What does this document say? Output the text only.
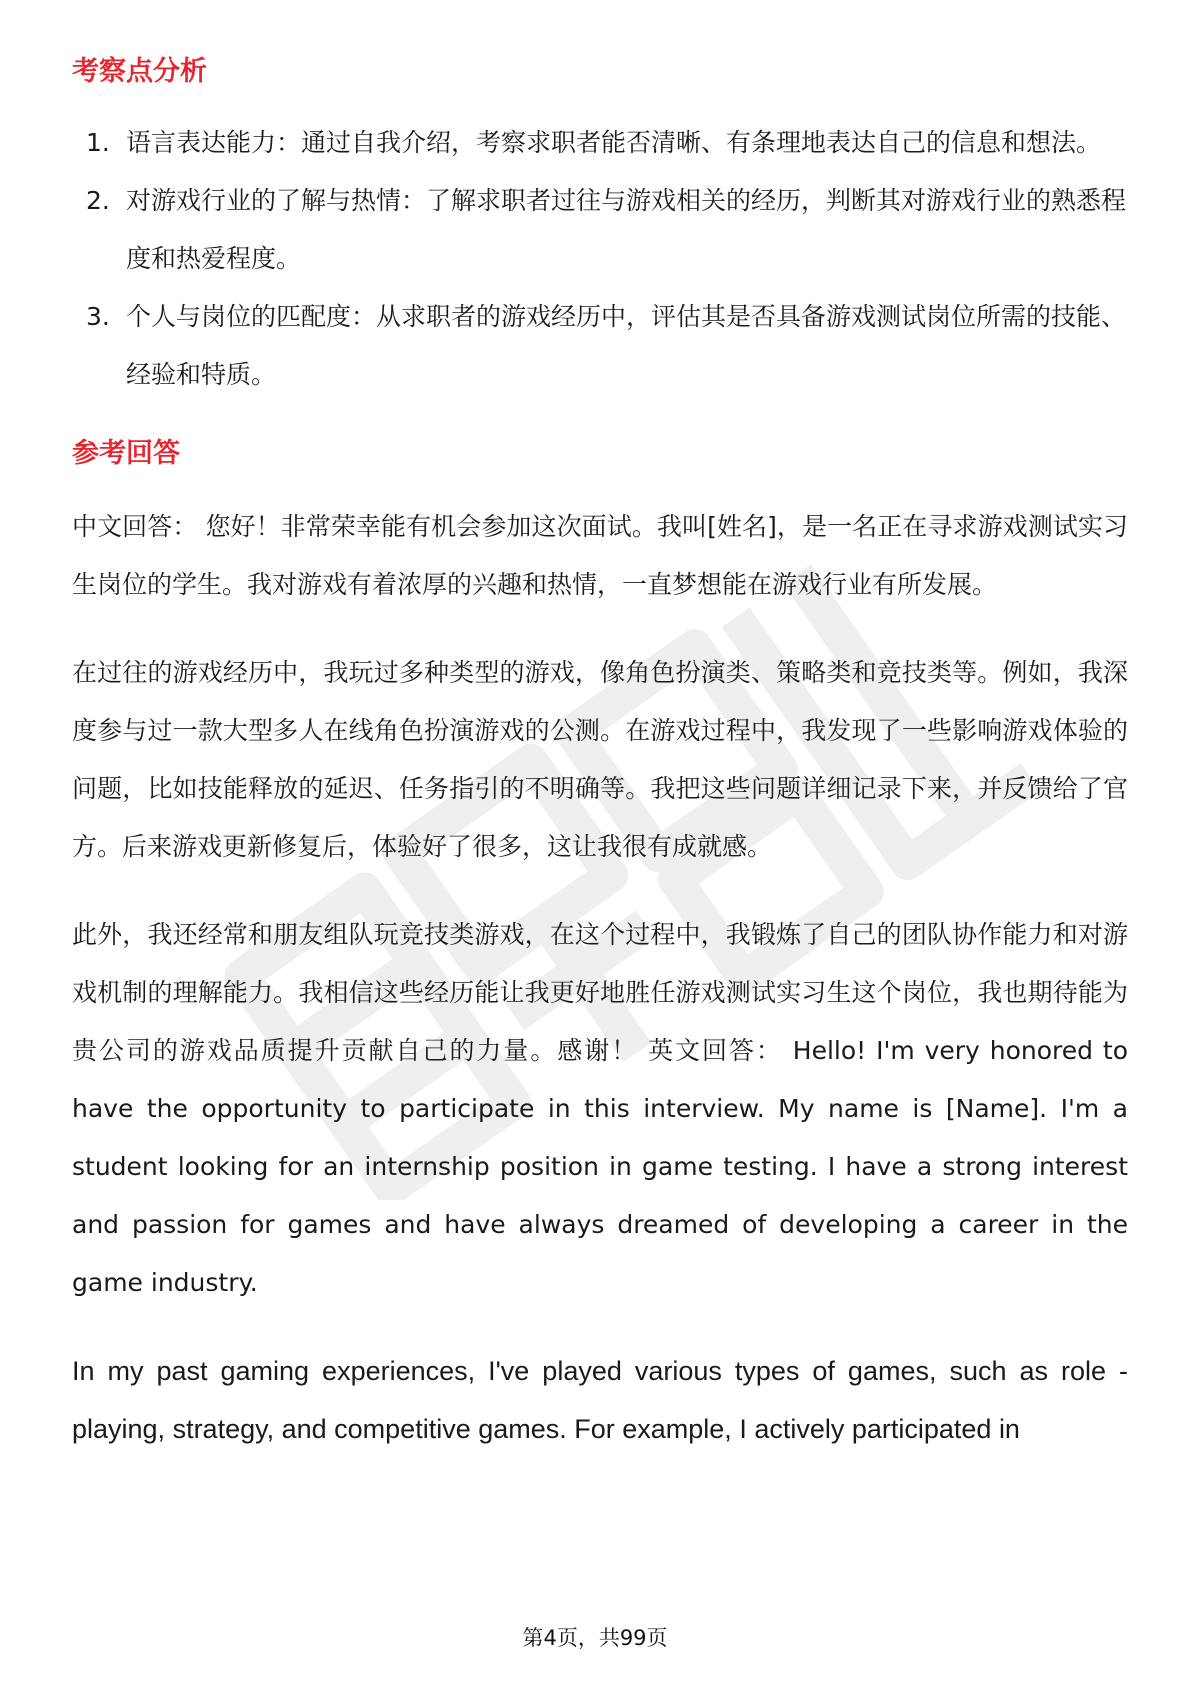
考察点分析
1. 语言表达能力：通过自我介绍，考察求职者能否清晰、有条理地表达自己的信息和想法。
2. 对游戏行业的了解与热情：了解求职者过往与游戏相关的经历，判断其对游戏行业的熟悉程度和热爱程度。
3. 个人与岗位的匹配度：从求职者的游戏经历中，评估其是否具备游戏测试岗位所需的技能、经验和特质。
参考回答

中文回答： 您好！非常荣幸能有机会参加这次面试。我叫[姓名]，是一名正在寻求游戏测试实习生岗位的学生。我对游戏有着浓厚的兴趣和热情，一直梦想能在游戏行业有所发展。

在过往的游戏经历中，我玩过多种类型的游戏，像角色扮演类、策略类和竞技类等。例如，我深度参与过一款大型多人在线角色扮演游戏的公测。在游戏过程中，我发现了一些影响游戏体验的问题，比如技能释放的延迟、任务指引的不明确等。我把这些问题详细记录下来，并反馈给了官方。后来游戏更新修复后，体验好了很多，这让我很有成就感。

此外，我还经常和朋友组队玩竞技类游戏，在这个过程中，我锻炼了自己的团队协作能力和对游戏机制的理解能力。我相信这些经历能让我更好地胜任游戏测试实习生这个岗位，我也期待能为贵公司的游戏品质提升贡献自己的力量。感谢！ 英文回答： Hello! I'm very honored to have the opportunity to participate in this interview. My name is [Name]. I'm a student looking for an internship position in game testing. I have a strong interest and passion for games and have always dreamed of developing a career in the game industry.

In my past gaming experiences, I've played various types of games, such as role - playing, strategy, and competitive games. For example, I actively participated in

第4页，共99页
